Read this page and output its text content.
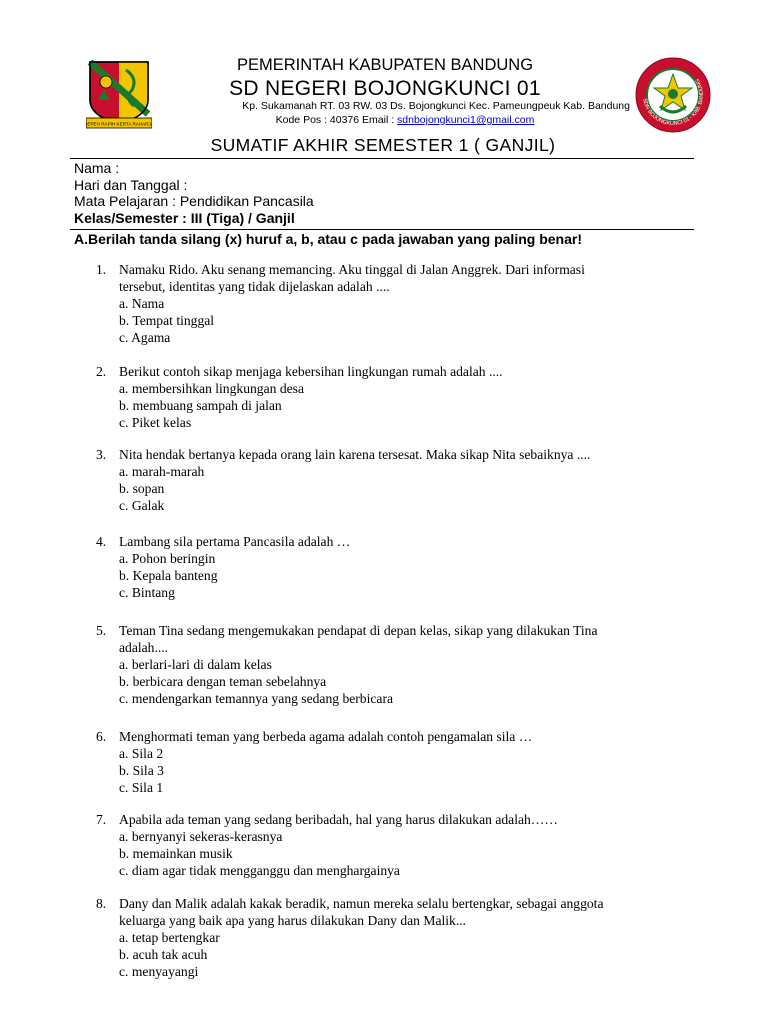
REPEH RAPIH KERTA RAHARJA
SDN BOJONGKUNCI 01 - KAB. BANDUNG
PEMERINTAH KABUPATEN BANDUNG
SD NEGERI BOJONGKUNCI 01
Kp. Sukamanah RT. 03 RW. 03 Ds. Bojongkunci Kec. Pameungpeuk Kab. Bandung
Kode Pos : 40376 Email : sdnbojongkunci1@gmail.com
SUMATIF AKHIR SEMESTER 1 ( GANJIL)
Nama :
Hari dan Tanggal :
Mata Pelajaran : Pendidikan Pancasila
Kelas/Semester : III (Tiga) / Ganjil
A.Berilah tanda silang (x) huruf a, b, atau c pada jawaban yang paling benar!
1. Namaku Rido. Aku senang memancing. Aku tinggal di Jalan Anggrek. Dari informasi
tersebut, identitas yang tidak dijelaskan adalah ....
a. Nama
b. Tempat tinggal
c. Agama
2. Berikut contoh sikap menjaga kebersihan lingkungan rumah adalah ....
a. membersihkan lingkungan desa
b. membuang sampah di jalan
c. Piket kelas
3. Nita hendak bertanya kepada orang lain karena tersesat. Maka sikap Nita sebaiknya ....
a. marah-marah
b. sopan
c. Galak
4. Lambang sila pertama Pancasila adalah …
a. Pohon beringin
b. Kepala banteng
c. Bintang
5. Teman Tina sedang mengemukakan pendapat di depan kelas, sikap yang dilakukan Tina
adalah....
a. berlari-lari di dalam kelas
b. berbicara dengan teman sebelahnya
c. mendengarkan temannya yang sedang berbicara
6. Menghormati teman yang berbeda agama adalah contoh pengamalan sila …
a. Sila 2
b. Sila 3
c. Sila 1
7. Apabila ada teman yang sedang beribadah, hal yang harus dilakukan adalah……
a. bernyanyi sekeras-kerasnya
b. memainkan musik
c. diam agar tidak mengganggu dan menghargainya
8. Dany dan Malik adalah kakak beradik, namun mereka selalu bertengkar, sebagai anggota
keluarga yang baik apa yang harus dilakukan Dany dan Malik...
a. tetap bertengkar
b. acuh tak acuh
c. menyayangi
